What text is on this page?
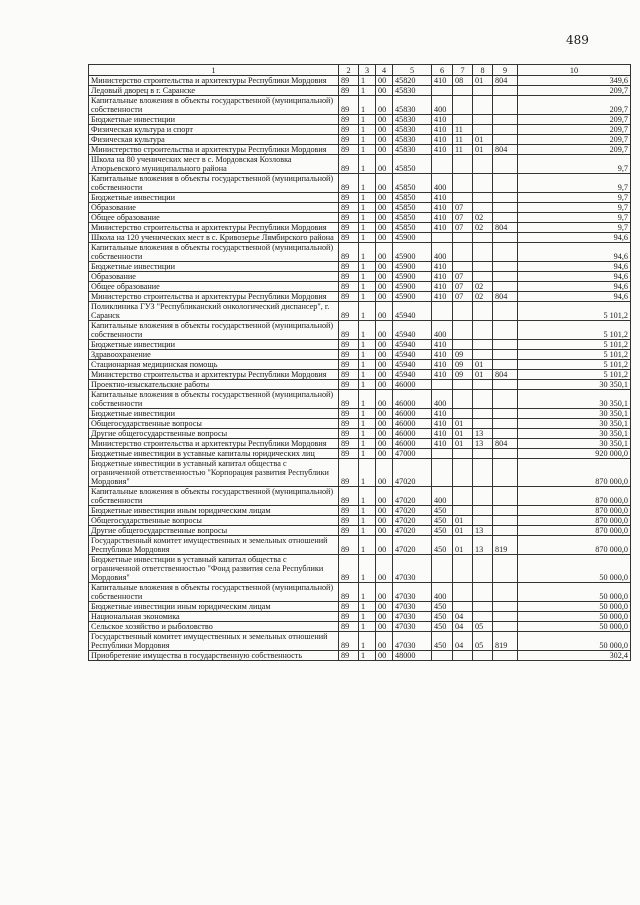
489
1	2	3	4	5	6	7	8	9	10
Министерство строительства и архитектуры Республики Мордовия	89	1	00	45820	410	08	01	804	349,6
Ледовый дворец в г. Саранске	89	1	00	45830					209,7
Капитальные вложения в объекты государственной (муниципальной) собственности	89	1	00	45830	400				209,7
Бюджетные инвестиции	89	1	00	45830	410				209,7
Физическая культура и спорт	89	1	00	45830	410	11			209,7
Физическая культура	89	1	00	45830	410	11	01		209,7
Министерство строительства и архитектуры Республики Мордовия	89	1	00	45830	410	11	01	804	209,7
Школа на 80 ученических мест в с. Мордовская Козловка Атюрьевского муниципального района	89	1	00	45850					9,7
Капитальные вложения в объекты государственной (муниципальной) собственности	89	1	00	45850	400				9,7
Бюджетные инвестиции	89	1	00	45850	410				9,7
Образование	89	1	00	45850	410	07			9,7
Общее образование	89	1	00	45850	410	07	02		9,7
Министерство строительства и архитектуры Республики Мордовия	89	1	00	45850	410	07	02	804	9,7
Школа на 120 ученических мест в с. Кривозерье Лямбирского района	89	1	00	45900					94,6
Капитальные вложения в объекты государственной (муниципальной) собственности	89	1	00	45900	400				94,6
Бюджетные инвестиции	89	1	00	45900	410				94,6
Образование	89	1	00	45900	410	07			94,6
Общее образование	89	1	00	45900	410	07	02		94,6
Министерство строительства и архитектуры Республики Мордовия	89	1	00	45900	410	07	02	804	94,6
Поликлиника ГУЗ "Республиканский онкологический диспансер", г. Саранск	89	1	00	45940					5 101,2
Капитальные вложения в объекты государственной (муниципальной) собственности	89	1	00	45940	400				5 101,2
Бюджетные инвестиции	89	1	00	45940	410				5 101,2
Здравоохранение	89	1	00	45940	410	09			5 101,2
Стационарная медицинская помощь	89	1	00	45940	410	09	01		5 101,2
Министерство строительства и архитектуры Республики Мордовия	89	1	00	45940	410	09	01	804	5 101,2
Проектно-изыскательские работы	89	1	00	46000					30 350,1
Капитальные вложения в объекты государственной (муниципальной) собственности	89	1	00	46000	400				30 350,1
Бюджетные инвестиции	89	1	00	46000	410				30 350,1
Общегосударственные вопросы	89	1	00	46000	410	01			30 350,1
Другие общегосударственные вопросы	89	1	00	46000	410	01	13		30 350,1
Министерство строительства и архитектуры Республики Мордовия	89	1	00	46000	410	01	13	804	30 350,1
Бюджетные инвестиции в уставные капиталы юридических лиц	89	1	00	47000					920 000,0
Бюджетные инвестиции в уставный капитал общества с ограниченной ответственностью "Корпорация развития Республики Мордовия"	89	1	00	47020					870 000,0
Капитальные вложения в объекты государственной (муниципальной) собственности	89	1	00	47020	400				870 000,0
Бюджетные инвестиции иным юридическим лицам	89	1	00	47020	450				870 000,0
Общегосударственные вопросы	89	1	00	47020	450	01			870 000,0
Другие общегосударственные вопросы	89	1	00	47020	450	01	13		870 000,0
Государственный комитет имущественных и земельных отношений Республики Мордовия	89	1	00	47020	450	01	13	819	870 000,0
Бюджетные инвестиции в уставный капитал общества с ограниченной ответственностью "Фонд развития села Республики Мордовия"	89	1	00	47030					50 000,0
Капитальные вложения в объекты государственной (муниципальной) собственности	89	1	00	47030	400				50 000,0
Бюджетные инвестиции иным юридическим лицам	89	1	00	47030	450				50 000,0
Национальная экономика	89	1	00	47030	450	04			50 000,0
Сельское хозяйство и рыболовство	89	1	00	47030	450	04	05		50 000,0
Государственный комитет имущественных и земельных отношений Республики Мордовия	89	1	00	47030	450	04	05	819	50 000,0
Приобретение имущества в государственную собственность	89	1	00	48000					302,4
